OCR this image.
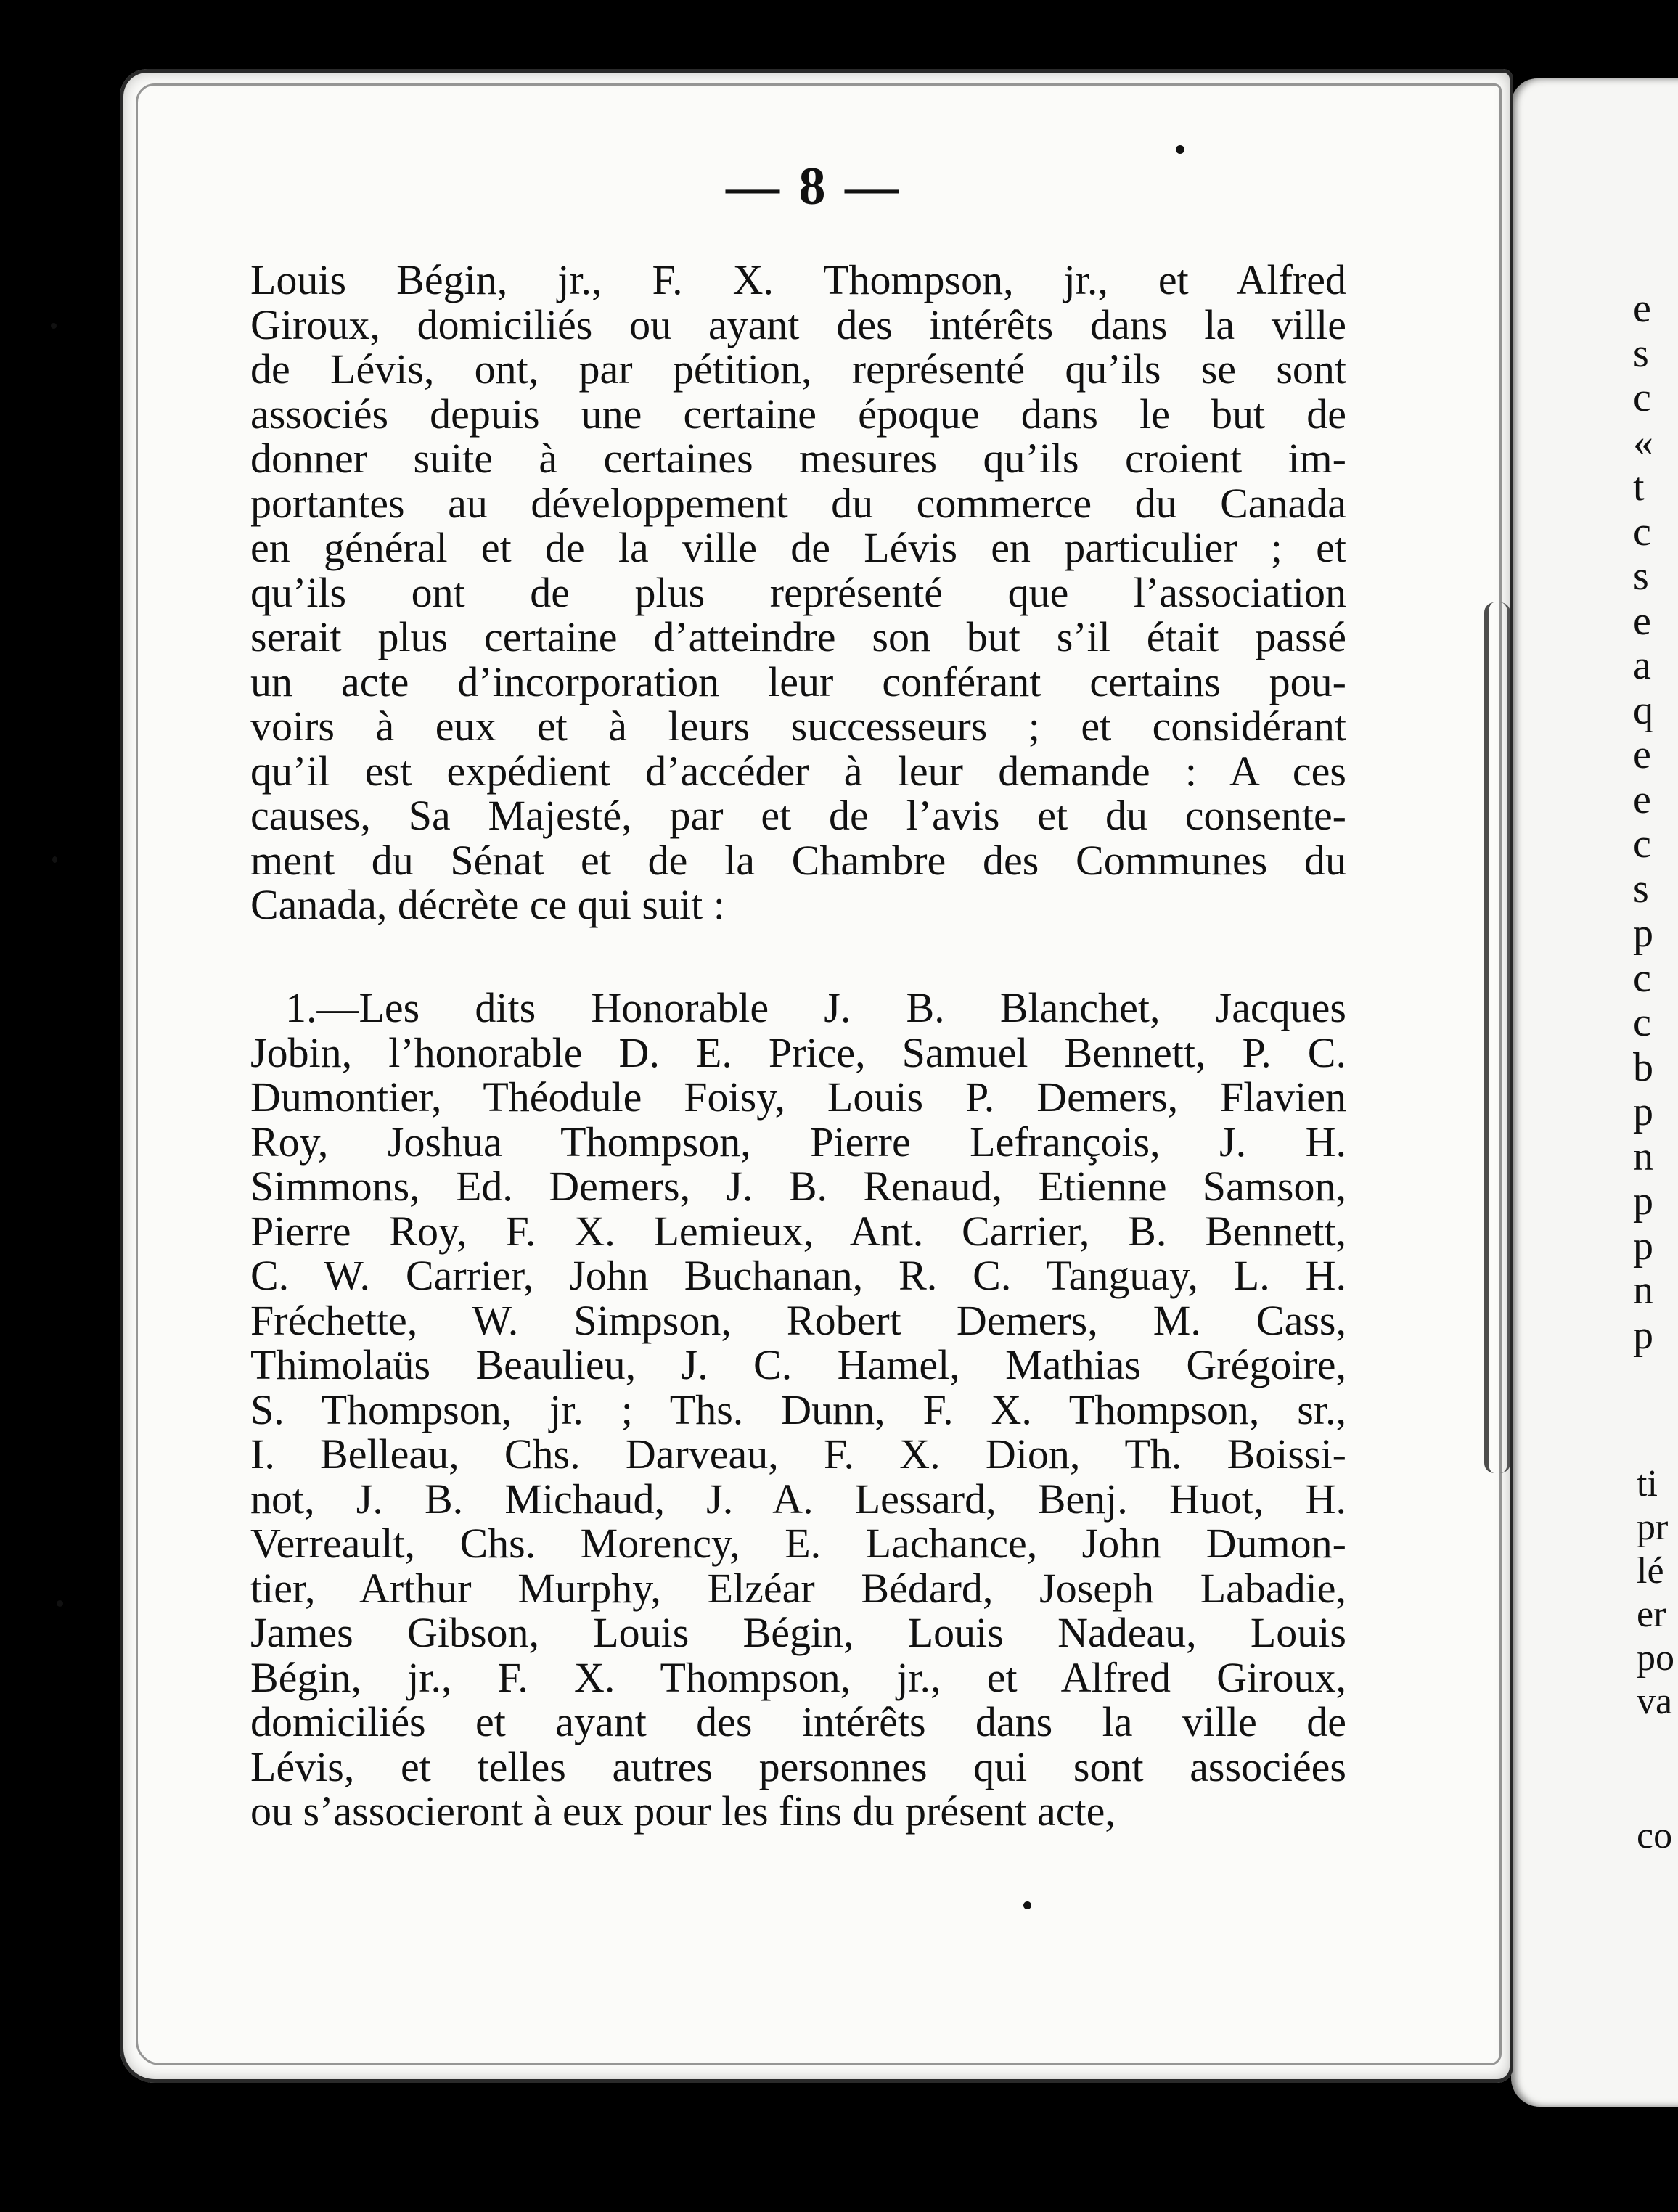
— 8 —
Louis Bégin, jr., F. X. Thompson, jr., et Alfred
Giroux, domiciliés ou ayant des intérêts dans la ville
de Lévis, ont, par pétition, représenté qu’ils se sont
associés depuis une certaine époque dans le but de
donner suite à certaines mesures qu’ils croient im-
portantes au développement du commerce du Canada
en général et de la ville de Lévis en particulier ; et
qu’ils ont de plus représenté que l’association
serait plus certaine d’atteindre son but s’il était passé
un acte d’incorporation leur conférant certains pou-
voirs à eux et à leurs successeurs ; et considérant
qu’il est expédient d’accéder à leur demande : A ces
causes, Sa Majesté, par et de l’avis et du consente-
ment du Sénat et de la Chambre des Communes du
Canada, décrète ce qui suit :
1.—Les dits Honorable J. B. Blanchet, Jacques
Jobin, l’honorable D. E. Price, Samuel Bennett, P. C.
Dumontier, Théodule Foisy, Louis P. Demers, Flavien
Roy, Joshua Thompson, Pierre Lefrançois, J. H.
Simmons, Ed. Demers, J. B. Renaud, Etienne Samson,
Pierre Roy, F. X. Lemieux, Ant. Carrier, B. Bennett,
C. W. Carrier, John Buchanan, R. C. Tanguay, L. H.
Fréchette, W. Simpson, Robert Demers, M. Cass,
Thimolaüs Beaulieu, J. C. Hamel, Mathias Grégoire,
S. Thompson, jr. ; Ths. Dunn, F. X. Thompson, sr.,
I. Belleau, Chs. Darveau, F. X. Dion, Th. Boissi-
not, J. B. Michaud, J. A. Lessard, Benj. Huot, H.
Verreault, Chs. Morency, E. Lachance, John Dumon-
tier, Arthur Murphy, Elzéar Bédard, Joseph Labadie,
James Gibson, Louis Bégin, Louis Nadeau, Louis
Bégin, jr., F. X. Thompson, jr., et Alfred Giroux,
domiciliés et ayant des intérêts dans la ville de
Lévis, et telles autres personnes qui sont associées
ou s’associeront à eux pour les fins du présent acte,
e
s
c
«
t
c
s
e
a
q
e
e
c
s
p
c
c
b
p
n
p
p
n
p
ti
pr
lé
er
po
va
co
